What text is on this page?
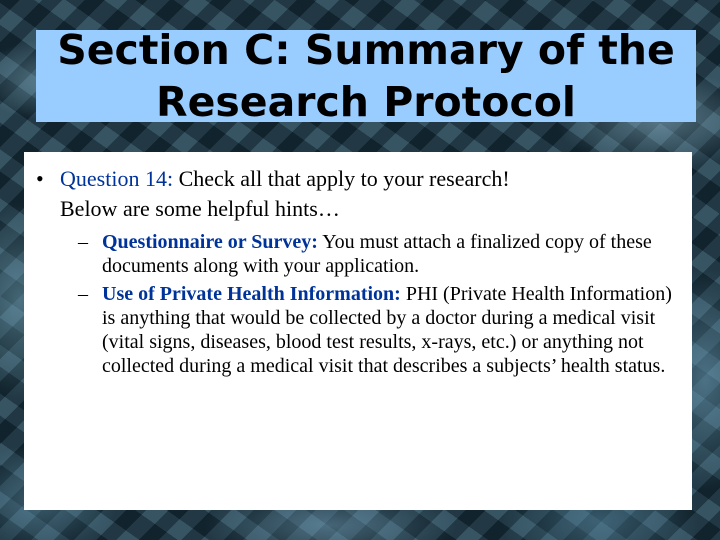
Section C: Summary of the
Research Protocol
• Question 14: Check all that apply to your research!
Below are some helpful hints…
– Questionnaire or Survey: You must attach a finalized copy of these documents along with your application.
– Use of Private Health Information: PHI (Private Health Information) is anything that would be collected by a doctor during a medical visit (vital signs, diseases, blood test results, x-rays, etc.) or anything not collected during a medical visit that describes a subjects’ health status.
